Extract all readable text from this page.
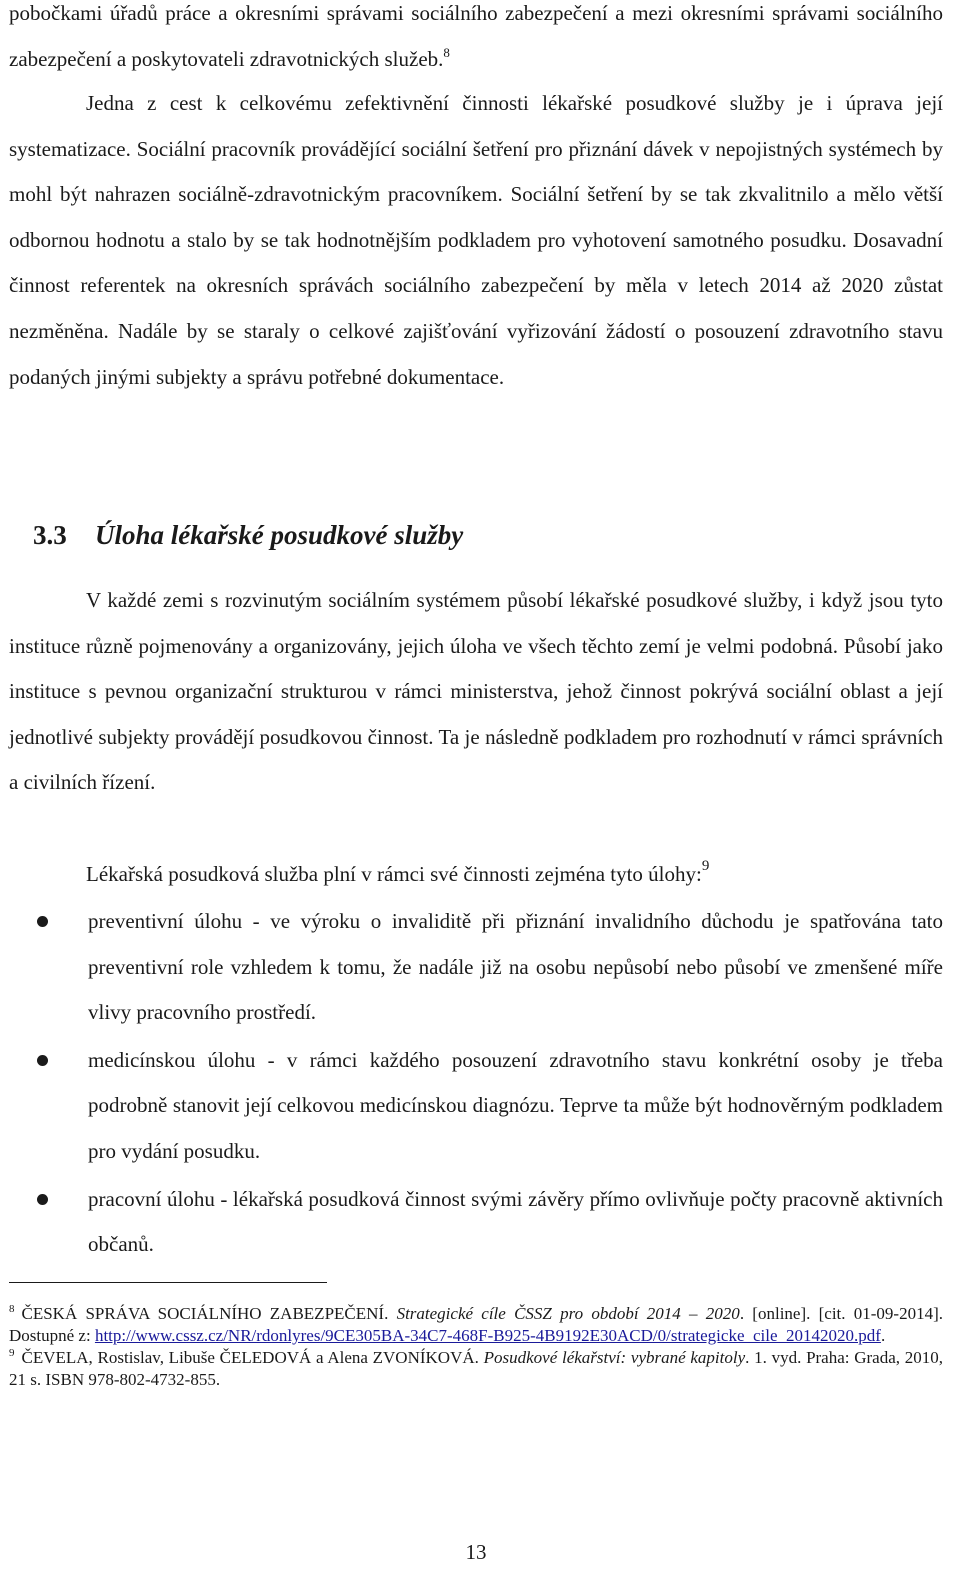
pobočkami úřadů práce a okresními správami sociálního zabezpečení a mezi okresními správami sociálního zabezpečení a poskytovateli zdravotnických služeb.$^8$

Jedna z cest k celkovému zefektivnění činnosti lékařské posudkové služby je i úprava její systematizace. Sociální pracovník provádějící sociální šetření pro přiznání dávek v nepojistných systémech by mohl být nahrazen sociálně-zdravotnickým pracovníkem. Sociální šetření by se tak zkvalitnilo a mělo větší odbornou hodnotu a stalo by se tak hodnotnějším podkladem pro vyhotovení samotného posudku. Dosavadní činnost referentek na okresních správách sociálního zabezpečení by měla v letech 2014 až 2020 zůstat nezměněna. Nadále by se staraly o celkové zajišťování vyřizování žádostí o posouzení zdravotního stavu podaných jinými subjekty a správu potřebné dokumentace.

3.3 Úloha lékařské posudkové služby

V každé zemi s rozvinutým sociálním systémem působí lékařské posudkové služby, i když jsou tyto instituce různě pojmenovány a organizovány, jejich úloha ve všech těchto zemí je velmi podobná. Působí jako instituce s pevnou organizační strukturou v rámci ministerstva, jehož činnost pokrývá sociální oblast a její jednotlivé subjekty provádějí posudkovou činnost. Ta je následně podkladem pro rozhodnutí v rámci správních a civilních řízení.

Lékařská posudková služba plní v rámci své činnosti zejména tyto úlohy:$^9$

preventivní úlohu - ve výroku o invaliditě při přiznání invalidního důchodu je spatřována tato preventivní role vzhledem k tomu, že nadále již na osobu nepůsobí nebo působí ve zmenšené míře vlivy pracovního prostředí.
medicínskou úlohu - v rámci každého posouzení zdravotního stavu konkrétní osoby je třeba podrobně stanovit její celkovou medicínskou diagnózu. Teprve ta může být hodnověrným podkladem pro vydání posudku.
pracovní úlohu - lékařská posudková činnost svými závěry přímo ovlivňuje počty pracovně aktivních občanů.

$^8$ ČESKÁ SPRÁVA SOCIÁLNÍHO ZABEZPEČENÍ. Strategické cíle ČSSZ pro období 2014 – 2020. [online]. [cit. 01-09-2014]. Dostupné z: http://www.cssz.cz/NR/rdonlyres/9CE305BA-34C7-468F-B925-4B9192E30ACD/0/strategicke_cile_20142020.pdf.

$^9$ ČEVELA, Rostislav, Libuše ČELEDOVÁ a Alena ZVONÍKOVÁ. Posudkové lékařství: vybrané kapitoly. 1. vyd. Praha: Grada, 2010, 21 s. ISBN 978-802-4732-855.

13
